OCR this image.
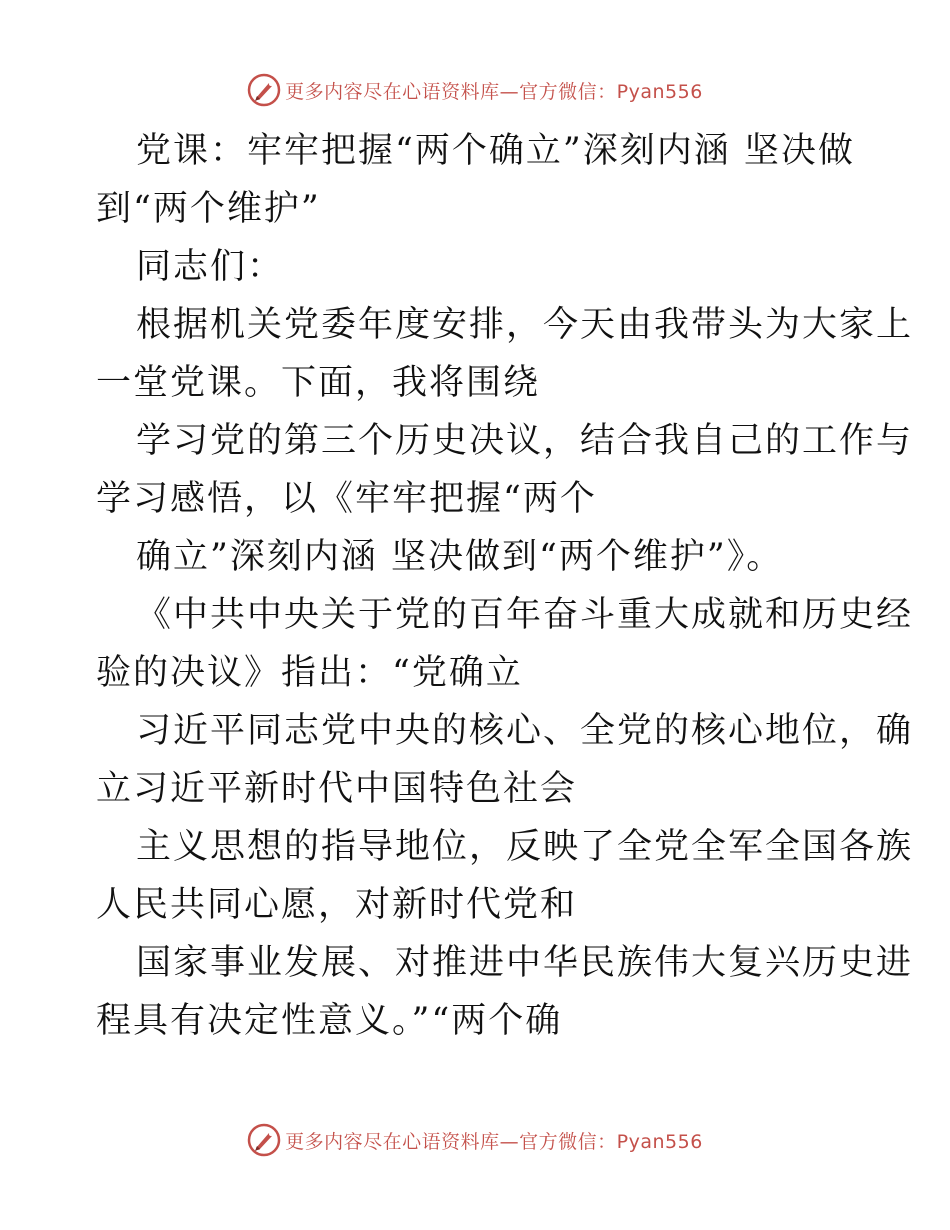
更多内容尽在心语资料库—官方微信：Pyan556
党课：牢牢把握“两个确立”深刻内涵 坚决做
到“两个维护”
同志们：
根据机关党委年度安排，今天由我带头为大家上
一堂党课。下面，我将围绕
学习党的第三个历史决议，结合我自己的工作与
学习感悟，以《牢牢把握“两个
确立”深刻内涵 坚决做到“两个维护”》。
《中共中央关于党的百年奋斗重大成就和历史经
验的决议》指出：“党确立
习近平同志党中央的核心、全党的核心地位，确
立习近平新时代中国特色社会
主义思想的指导地位，反映了全党全军全国各族
人民共同心愿，对新时代党和
国家事业发展、对推进中华民族伟大复兴历史进
程具有决定性意义。”“两个确
更多内容尽在心语资料库—官方微信：Pyan556
